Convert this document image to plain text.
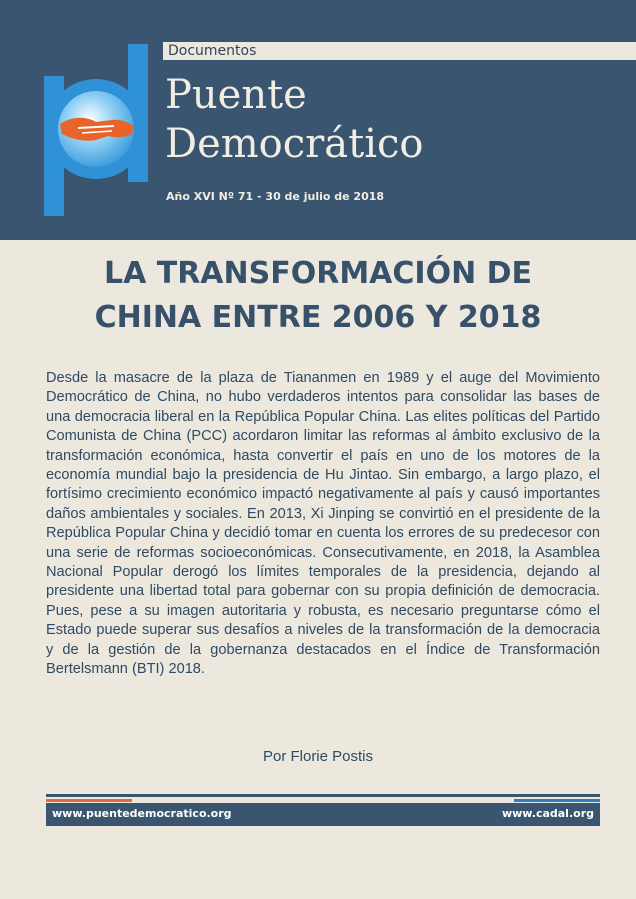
Documentos
Puente
Democrático
Año XVI Nº 71 - 30 de julio de 2018
LA TRANSFORMACIÓN DE
CHINA ENTRE 2006 Y 2018

Desde la masacre de la plaza de Tiananmen en 1989 y el auge del Movimiento Democrático de China, no hubo verdaderos intentos para consolidar las bases de una democracia liberal en la República Popular China. Las elites políticas del Partido Comunista de China (PCC) acordaron limitar las reformas al ámbito exclusivo de la transformación económica, hasta convertir el país en uno de los motores de la economía mundial bajo la presidencia de Hu Jintao. Sin embargo, a largo plazo, el fortísimo crecimiento económico impactó negativamente al país y causó importantes daños ambientales y sociales. En 2013, Xi Jinping se convirtió en el presidente de la República Popular China y decidió tomar en cuenta los errores de su predecesor con una serie de reformas socioeconómicas. Consecutivamente, en 2018, la Asamblea Nacional Popular derogó los límites temporales de la presidencia, dejando al presidente una libertad total para gobernar con su propia definición de democracia. Pues, pese a su imagen autoritaria y robusta, es necesario preguntarse cómo el Estado puede superar sus desafíos a niveles de la transformación de la democracia y de la gestión de la gobernanza destacados en el Índice de Transformación Bertelsmann (BTI) 2018.

Por Florie Postis
www.puentedemocratico.org	www.cadal.org
